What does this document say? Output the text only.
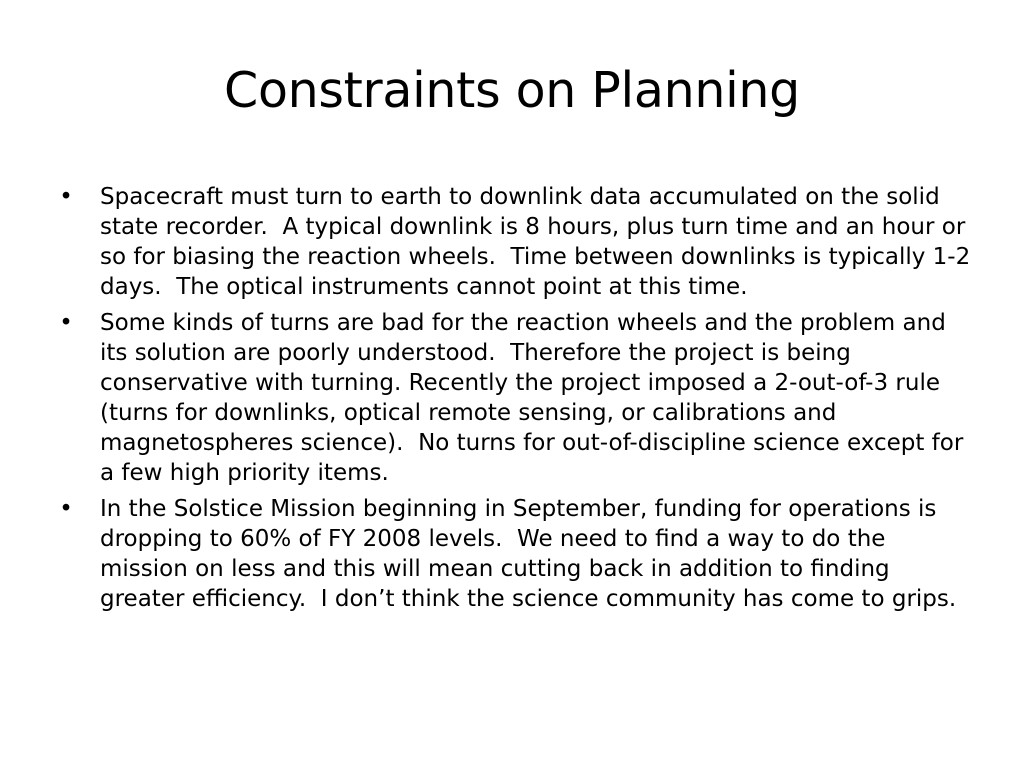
Constraints on Planning
• Spacecraft must turn to earth to downlink data accumulated on the solid state recorder.  A typical downlink is 8 hours, plus turn time and an hour or so for biasing the reaction wheels.  Time between downlinks is typically 1-2 days.  The optical instruments cannot point at this time.
• Some kinds of turns are bad for the reaction wheels and the problem and its solution are poorly understood.  Therefore the project is being conservative with turning. Recently the project imposed a 2-out-of-3 rule (turns for downlinks, optical remote sensing, or calibrations and magnetospheres science).  No turns for out-of-discipline science except for a few high priority items.
• In the Solstice Mission beginning in September, funding for operations is dropping to 60% of FY 2008 levels.  We need to find a way to do the mission on less and this will mean cutting back in addition to finding greater efficiency.  I don’t think the science community has come to grips.
